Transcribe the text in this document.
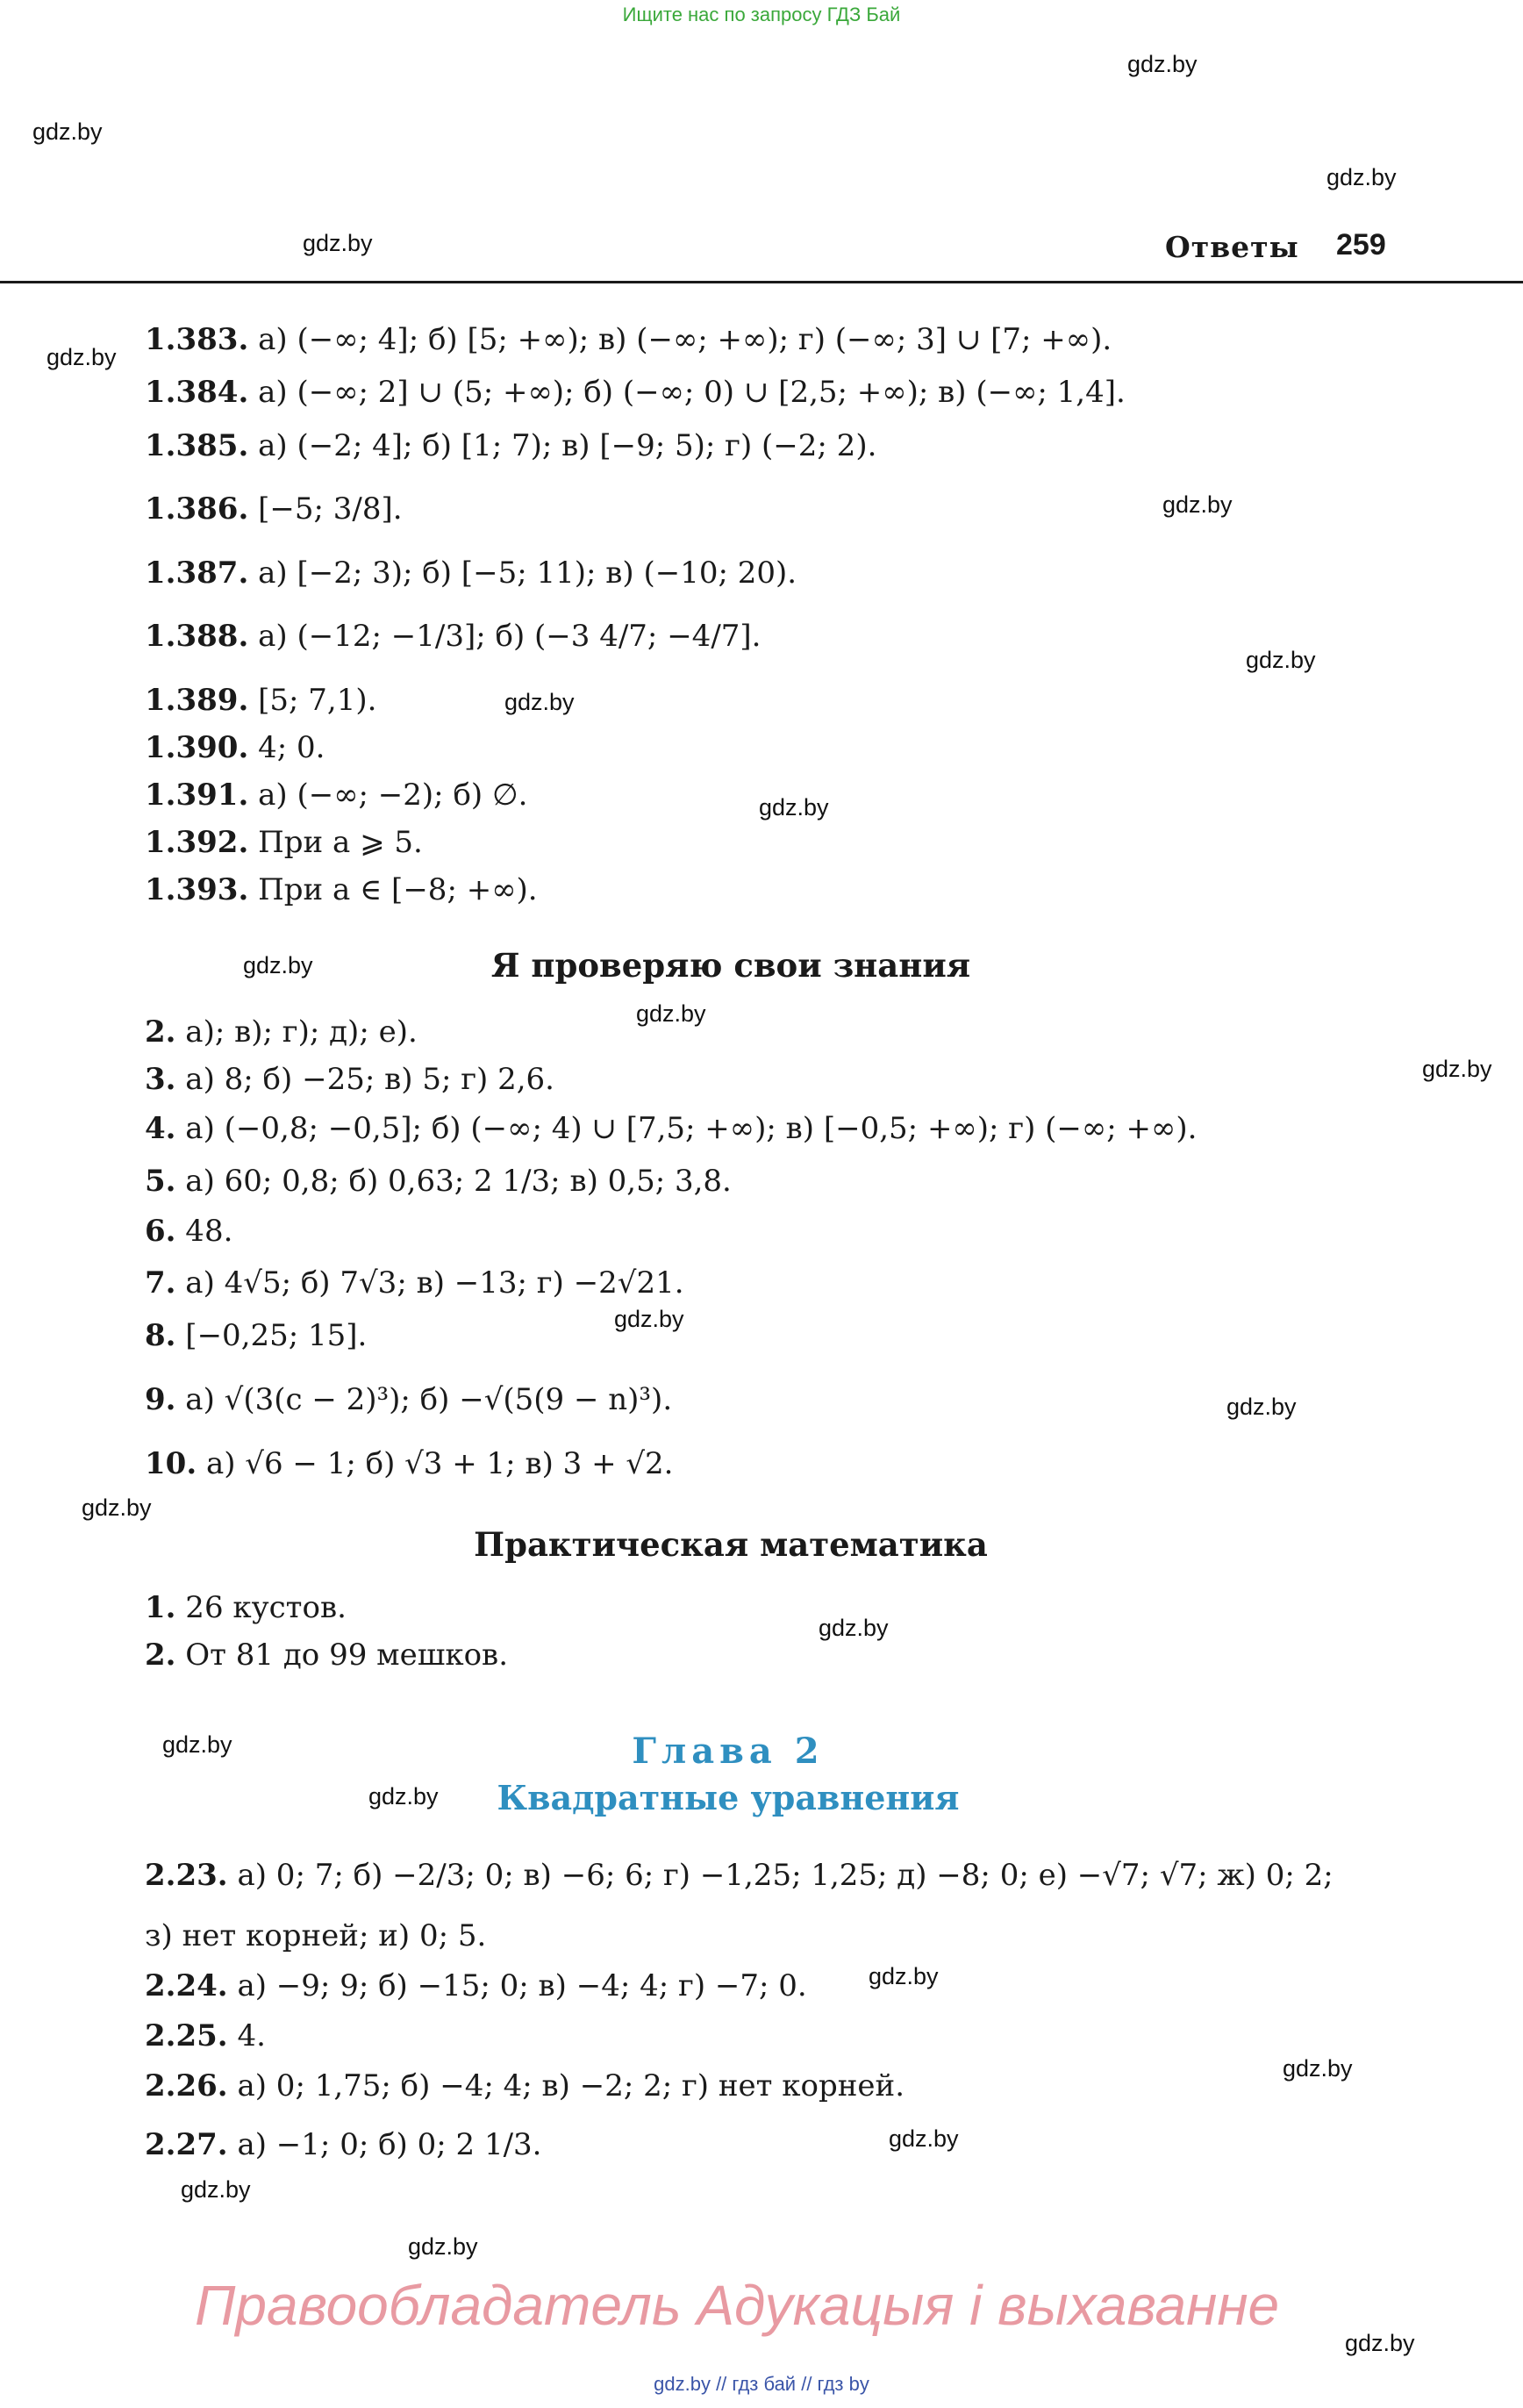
Ищите нас по запросу ГДЗ Бай
gdz.by
gdz.by
gdz.by
gdz.by
gdz.by
gdz.by
gdz.by
gdz.by
gdz.by
gdz.by
gdz.by
gdz.by
gdz.by
gdz.by
gdz.by
gdz.by
gdz.by
gdz.by
gdz.by
gdz.by
gdz.by
gdz.by
gdz.by
gdz.by
Ответы 259
1.383. а) (−∞; 4]; б) [5; +∞); в) (−∞; +∞); г) (−∞; 3] ∪ [7; +∞).
1.384. а) (−∞; 2] ∪ (5; +∞); б) (−∞; 0) ∪ [2,5; +∞); в) (−∞; 1,4].
1.385. а) (−2; 4]; б) [1; 7); в) [−9; 5); г) (−2; 2).
1.386. [−5; 3/8].
1.387. а) [−2; 3); б) [−5; 11); в) (−10; 20).
1.388. а) (−12; −1/3]; б) (−3 4/7; −4/7].
1.389. [5; 7,1).
1.390. 4; 0.
1.391. а) (−∞; −2); б) ∅.
1.392. При a ⩾ 5.
1.393. При a ∈ [−8; +∞).
Я проверяю свои знания
2. а); в); г); д); е).
3. а) 8; б) −25; в) 5; г) 2,6.
4. а) (−0,8; −0,5]; б) (−∞; 4) ∪ [7,5; +∞); в) [−0,5; +∞); г) (−∞; +∞).
5. а) 60; 0,8; б) 0,63; 2 1/3; в) 0,5; 3,8.
6. 48.
7. а) 4√5; б) 7√3; в) −13; г) −2√21.
8. [−0,25; 15].
9. а) √(3(c − 2)³); б) −√(5(9 − n)³).
10. а) √6 − 1; б) √3 + 1; в) 3 + √2.
Практическая математика
1. 26 кустов.
2. От 81 до 99 мешков.
Глава 2
Квадратные уравнения
2.23. а) 0; 7; б) −2/3; 0; в) −6; 6; г) −1,25; 1,25; д) −8; 0; е) −√7; √7; ж) 0; 2;
з) нет корней; и) 0; 5.
2.24. а) −9; 9; б) −15; 0; в) −4; 4; г) −7; 0.
2.25. 4.
2.26. а) 0; 1,75; б) −4; 4; в) −2; 2; г) нет корней.
2.27. а) −1; 0; б) 0; 2 1/3.
Правообладатель Адукацыя і выхаванне
gdz.by // гдз бай // гдз by
